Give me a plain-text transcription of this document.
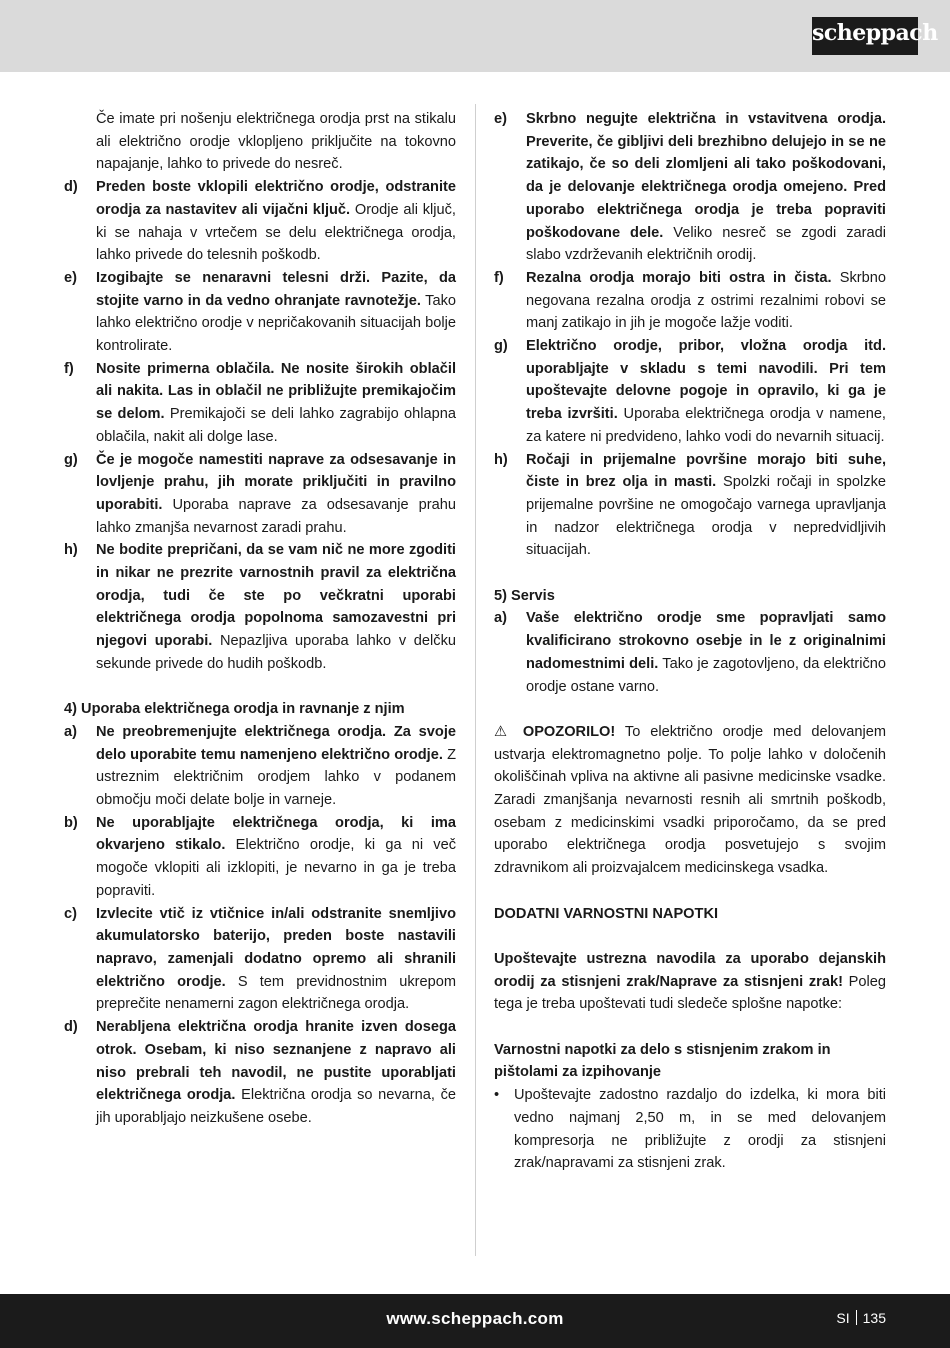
scheppach
Če imate pri nošenju električnega orodja prst na stikalu ali električno orodje vklopljeno priključite na tokovno napajanje, lahko to privede do nesreč.
d) Preden boste vklopili električno orodje, odstranite orodja za nastavitev ali vijačni ključ. Orodje ali ključ, ki se nahaja v vrtečem se delu električnega orodja, lahko privede do telesnih poškodb.
e) Izogibajte se nenaravni telesni drži. Pazite, da stojite varno in da vedno ohranjate ravnotežje. Tako lahko električno orodje v nepričakovanih situacijah bolje kontrolirate.
f) Nosite primerna oblačila. Ne nosite širokih oblačil ali nakita. Las in oblačil ne približujte premikajočim se delom. Premikajoči se deli lahko zagrabijo ohlapna oblačila, nakit ali dolge lase.
g) Če je mogoče namestiti naprave za odsesavanje in lovljenje prahu, jih morate priključiti in pravilno uporabiti. Uporaba naprave za odsesavanje prahu lahko zmanjša nevarnost zaradi prahu.
h) Ne bodite prepričani, da se vam nič ne more zgoditi in nikar ne prezrite varnostnih pravil za električna orodja, tudi če ste po večkratni uporabi električnega orodja popolnoma samozavestni pri njegovi uporabi. Nepazljiva uporaba lahko v delčku sekunde privede do hudih poškodb.
4) Uporaba električnega orodja in ravnanje z njim
a) Ne preobremenjujte električnega orodja. Za svoje delo uporabite temu namenjeno električno orodje. Z ustreznim električnim orodjem lahko v podanem območju moči delate bolje in varneje.
b) Ne uporabljajte električnega orodja, ki ima okvarjeno stikalo. Električno orodje, ki ga ni več mogoče vklopiti ali izklopiti, je nevarno in ga je treba popraviti.
c) Izvlecite vtič iz vtičnice in/ali odstranite snemljivo akumulatorsko baterijo, preden boste nastavili napravo, zamenjali dodatno opremo ali shranili električno orodje. S tem previdnostnim ukrepom preprečite nenamerni zagon električnega orodja.
d) Nerabljena električna orodja hranite izven dosega otrok. Osebam, ki niso seznanjene z napravo ali niso prebrali teh navodil, ne pustite uporabljati električnega orodja. Električna orodja so nevarna, če jih uporabljajo neizkušene osebe.
e) Skrbno negujte električna in vstavitvena orodja. Preverite, če gibljivi deli brezhibno delujejo in se ne zatikajo, če so deli zlomljeni ali tako poškodovani, da je delovanje električnega orodja omejeno. Pred uporabo električnega orodja je treba popraviti poškodovane dele. Veliko nesreč se zgodi zaradi slabo vzdrževanih električnih orodij.
f) Rezalna orodja morajo biti ostra in čista. Skrbno negovana rezalna orodja z ostrimi rezalnimi robovi se manj zatikajo in jih je mogoče lažje voditi.
g) Električno orodje, pribor, vložna orodja itd. uporabljajte v skladu s temi navodili. Pri tem upoštevajte delovne pogoje in opravilo, ki ga je treba izvršiti. Uporaba električnega orodja v namene, za katere ni predvideno, lahko vodi do nevarnih situacij.
h) Ročaji in prijemalne površine morajo biti suhe, čiste in brez olja in masti. Spolzki ročaji in spolzke prijemalne površine ne omogočajo varnega upravljanja in nadzor električnega orodja v nepredvidljivih situacijah.
5) Servis
a) Vaše električno orodje sme popravljati samo kvalificirano strokovno osebje in le z originalnimi nadomestnimi deli. Tako je zagotovljeno, da električno orodje ostane varno.
⚠ OPOZORILO! To električno orodje med delovanjem ustvarja elektromagnetno polje. To polje lahko v določenih okoliščinah vpliva na aktivne ali pasivne medicinske vsadke. Zaradi zmanjšanja nevarnosti resnih ali smrtnih poškodb, osebam z medicinskimi vsadki priporočamo, da se pred uporabo električnega orodja posvetujejo s svojim zdravnikom ali proizvajalcem medicinskega vsadka.
DODATNI VARNOSTNI NAPOTKI
Upoštevajte ustrezna navodila za uporabo dejanskih orodij za stisnjeni zrak/Naprave za stisnjeni zrak! Poleg tega je treba upoštevati tudi sledeče splošne napotke:
Varnostni napotki za delo s stisnjenim zrakom in pištolami za izpihovanje
• Upoštevajte zadostno razdaljo do izdelka, ki mora biti vedno najmanj 2,50 m, in se med delovanjem kompresorja ne približujte z orodji za stisnjeni zrak/napravami za stisnjeni zrak.
www.scheppach.com	SI 135
